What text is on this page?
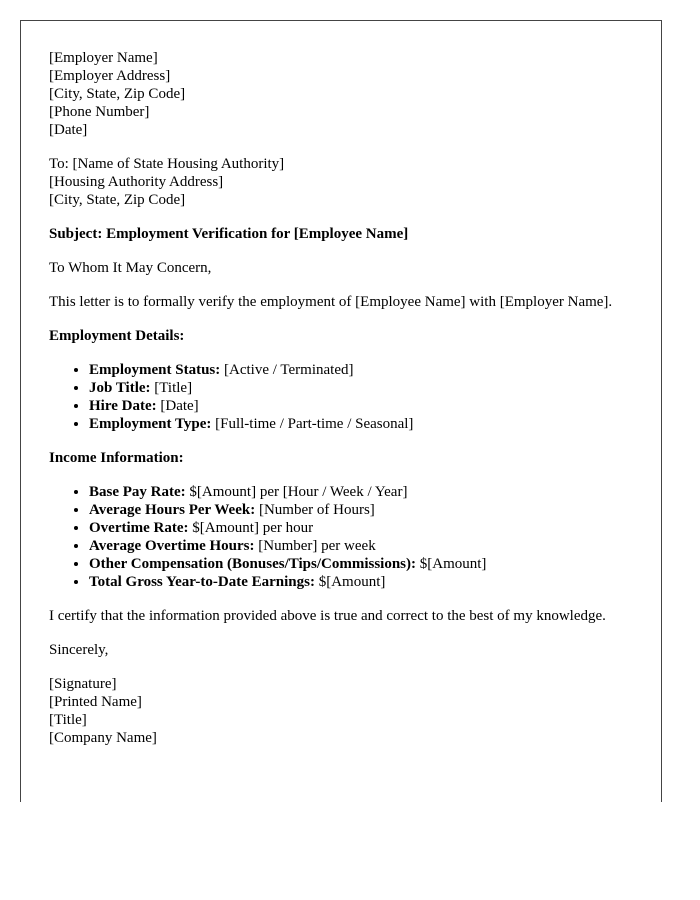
[Employer Name]

[Employer Address]

[City, State, Zip Code]

[Phone Number]

[Date]

To: [Name of State Housing Authority]

[Housing Authority Address]

[City, State, Zip Code]

Subject: Employment Verification for [Employee Name]

To Whom It May Concern,

This letter is to formally verify the employment of [Employee Name] with [Employer Name].

Employment Details:

• Employment Status: [Active / Terminated]
• Job Title: [Title]
• Hire Date: [Date]
• Employment Type: [Full-time / Part-time / Seasonal]

Income Information:

• Base Pay Rate: $[Amount] per [Hour / Week / Year]
• Average Hours Per Week: [Number of Hours]
• Overtime Rate: $[Amount] per hour
• Average Overtime Hours: [Number] per week
• Other Compensation (Bonuses/Tips/Commissions): $[Amount]
• Total Gross Year-to-Date Earnings: $[Amount]

I certify that the information provided above is true and correct to the best of my knowledge.

Sincerely,

[Signature]

[Printed Name]

[Title]

[Company Name]
